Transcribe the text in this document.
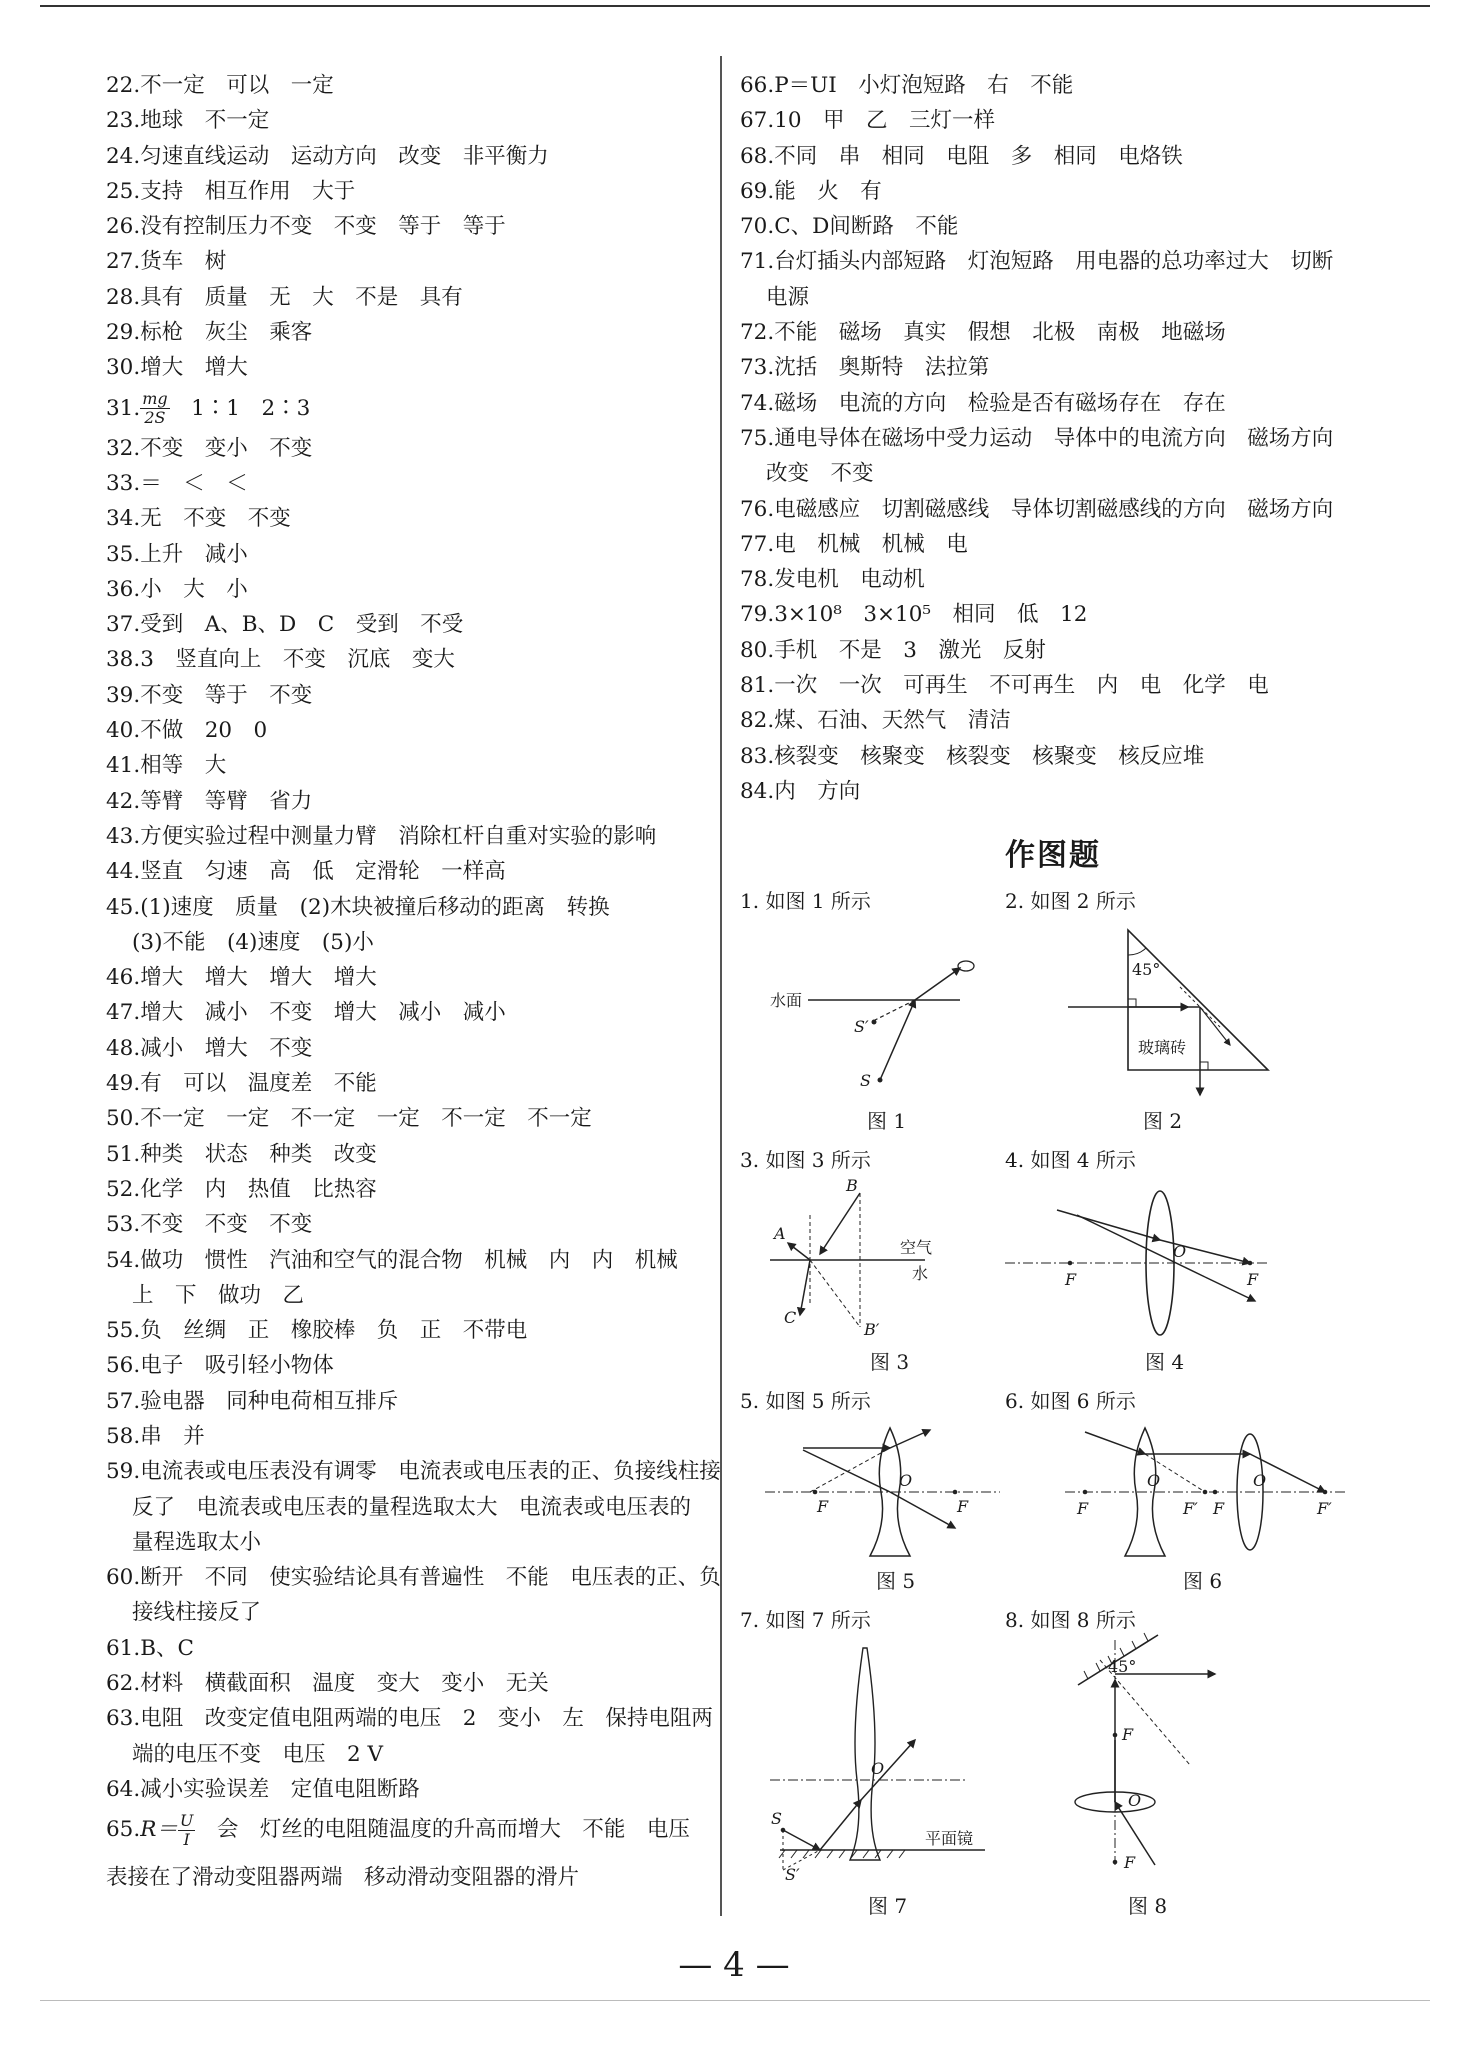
22.不一定　可以　一定
23.地球　不一定
24.匀速直线运动　运动方向　改变　非平衡力
25.支持　相互作用　大于
26.没有控制压力不变　不变　等于　等于
27.货车　树
28.具有　质量　无　大　不是　具有
29.标枪　灰尘　乘客
30.增大　增大
31. $\frac{mg}{2S}$ 　1∶1　2∶3
32.不变　变小　不变
33.＝　＜　＜
34.无　不变　不变
35.上升　减小
36.小　大　小
37.受到　A、B、D　C　受到　不受
38.3　竖直向上　不变　沉底　变大
39.不变　等于　不变
40.不做　20　0
41.相等　大
42.等臂　等臂　省力
43.方便实验过程中测量力臂　消除杠杆自重对实验的影响
44.竖直　匀速　高　低　定滑轮　一样高
45.(1)速度　质量　(2)木块被撞后移动的距离　转换
(3)不能　(4)速度　(5)小
46.增大　增大　增大　增大
47.增大　减小　不变　增大　减小　减小
48.减小　增大　不变
49.有　可以　温度差　不能
50.不一定　一定　不一定　一定　不一定　不一定
51.种类　状态　种类　改变
52.化学　内　热值　比热容
53.不变　不变　不变
54.做功　惯性　汽油和空气的混合物　机械　内　内　机械
上　下　做功　乙
55.负　丝绸　正　橡胶棒　负　正　不带电
56.电子　吸引轻小物体
57.验电器　同种电荷相互排斥
58.串　并
59.电流表或电压表没有调零　电流表或电压表的正、负接线柱接
反了　电流表或电压表的量程选取太大　电流表或电压表的
量程选取太小
60.断开　不同　使实验结论具有普遍性　不能　电压表的正、负
接线柱接反了
61.B、C
62.材料　横截面积　温度　变大　变小　无关
63.电阻　改变定值电阻两端的电压　2　变小　左　保持电阻两
端的电压不变　电压　2 V
64.减小实验误差　定值电阻断路
$65.R= \frac{U}{I}$ 　会　灯丝的电阻随温度的升高而增大　不能　电压
表接在了滑动变阻器两端　移动滑动变阻器的滑片
66.P＝UI　小灯泡短路　右　不能
67.10　甲　乙　三灯一样
68.不同　串　相同　电阻　多　相同　电烙铁
69.能　火　有
70.C、D间断路　不能
71.台灯插头内部短路　灯泡短路　用电器的总功率过大　切断
电源
72.不能　磁场　真实　假想　北极　南极　地磁场
73.沈括　奥斯特　法拉第
74.磁场　电流的方向　检验是否有磁场存在　存在
75.通电导体在磁场中受力运动　导体中的电流方向　磁场方向
改变　不变
76.电磁感应　切割磁感线　导体切割磁感线的方向　磁场方向
77.电　机械　机械　电
78.发电机　电动机
79.3×10⁸　3×10⁵　相同　低　12
80.手机　不是　3　激光　反射
81.一次　一次　可再生　不可再生　内　电　化学　电
82.煤、石油、天然气　清洁
83.核裂变　核聚变　核裂变　核聚变　核反应堆
84.内　方向
作图题
1. 如图 1 所示	2. 如图 2 所示
3. 如图 3 所示	4. 如图 4 所示
5. 如图 5 所示	6. 如图 6 所示
7. 如图 7 所示	8. 如图 8 所示
图 1	图 2
图 3	图 4
图 5	图 6
图 7	图 8
水面
S′
S
45°
玻璃砖
A
B
空气
水
C
B′
O
F	F
O
F	F
O	O
F	F′ F	F′
S
O
S′
平面镜
45°
F
O
F
— 4 —
